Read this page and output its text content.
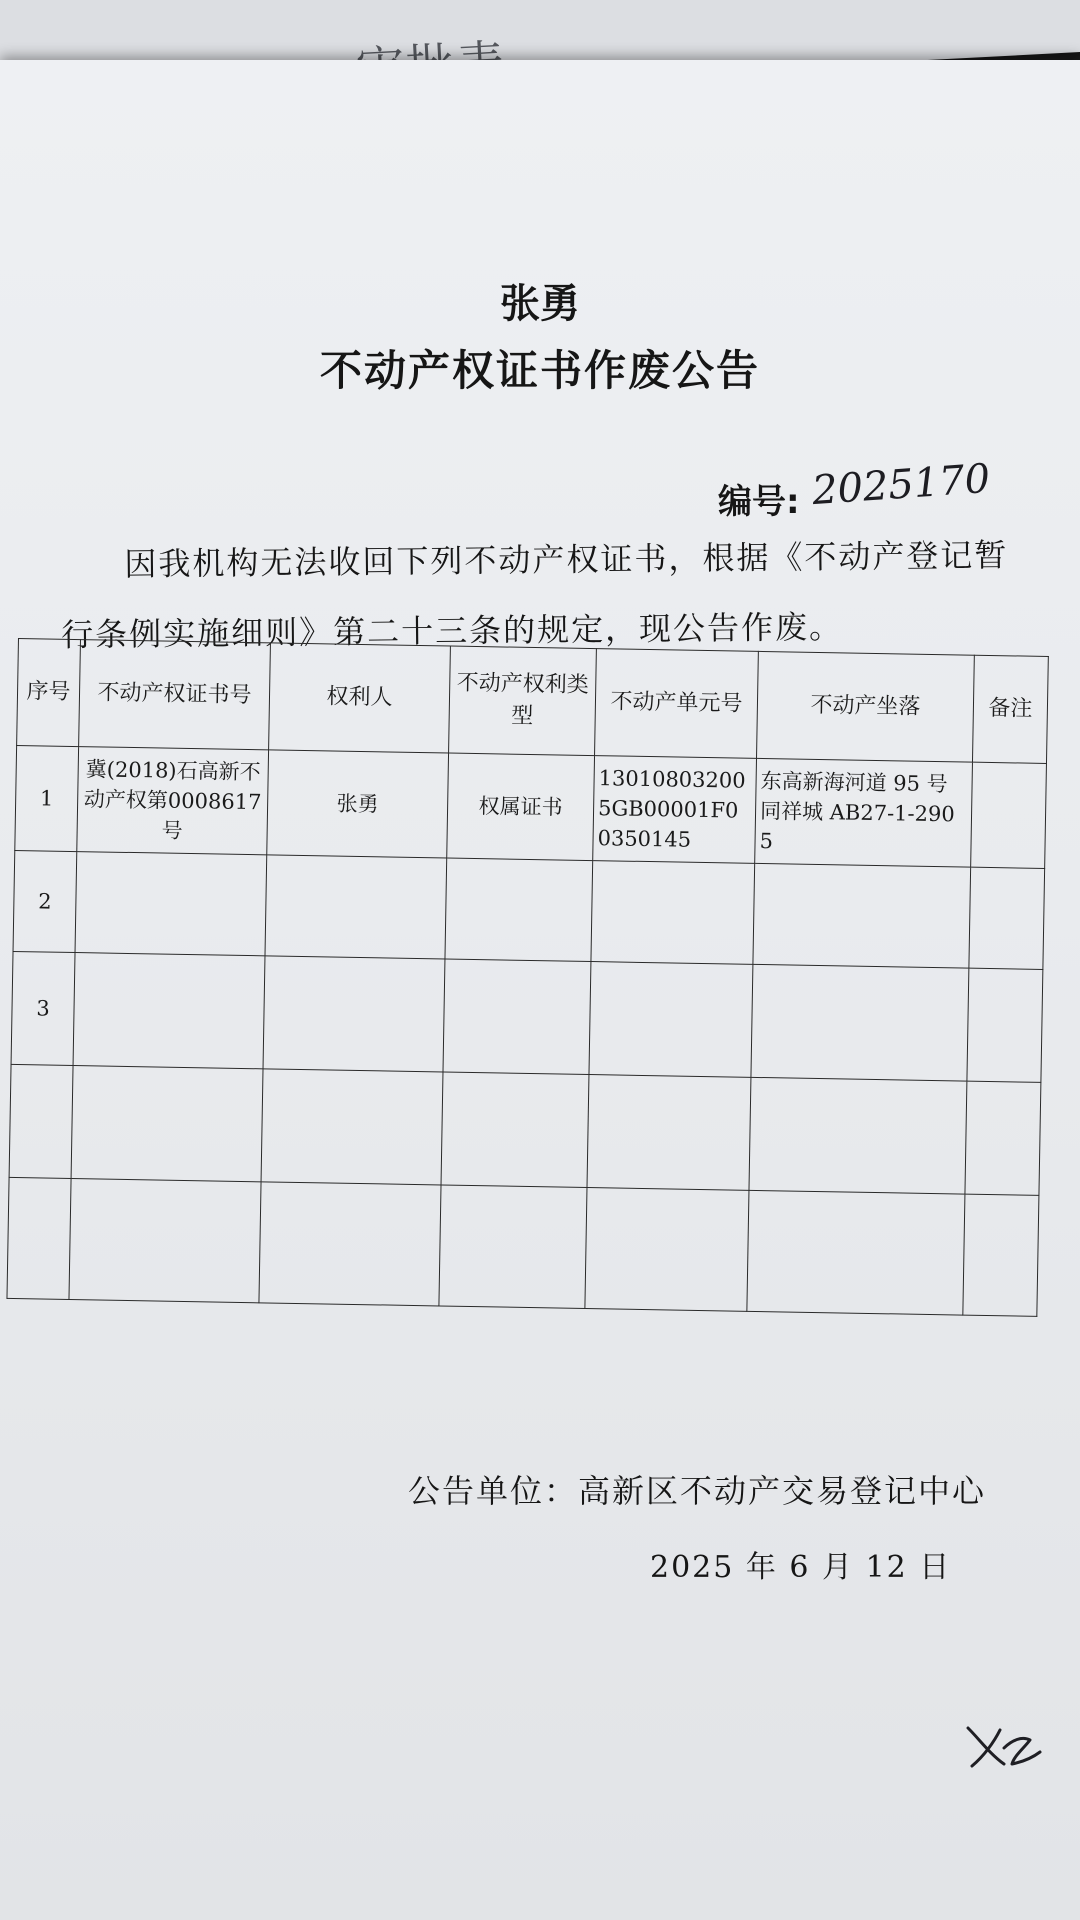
张勇
不动产权证书作废公告
编号: 2025170
因我机构无法收回下列不动产权证书，根据《不动产登记暂行条例实施细则》第二十三条的规定，现公告作废。
序号	不动产权证书号	权利人	不动产权利类型	不动产单元号	不动产坐落	备注
1	冀(2018)石高新不动产权第0008617号	张勇	权属证书	130108032005GB00001F00350145	东高新海河道 95 号同祥城 AB27-1-2905	
2						
3						

公告单位：高新区不动产交易登记中心
2025 年 6 月 12 日
